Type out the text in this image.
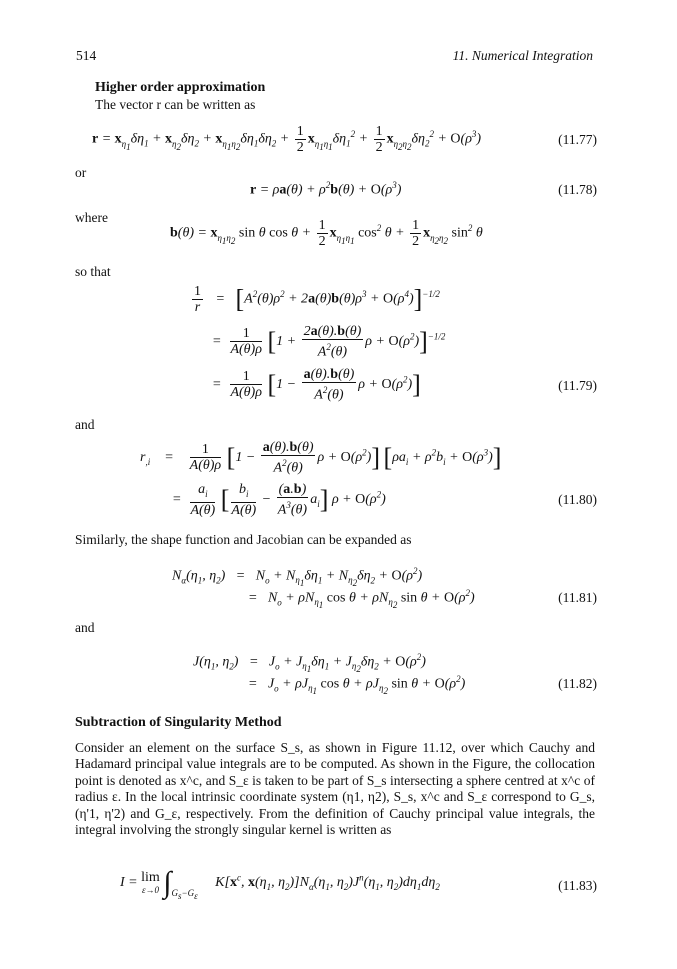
514	11. Numerical Integration
Higher order approximation
The vector r can be written as
$r = x_{\eta_1}\delta\eta_1 + x_{\eta_2}\delta\eta_2 + x_{\eta_1\eta_2}\delta\eta_1\delta\eta_2 + \frac{1}{2} x_{\eta_1\eta_1}\delta\eta_1^2 + \frac{1}{2} x_{\eta_2\eta_2}\delta\eta_2^2 + O(\rho^3)$	(11.77)
or
$r = \rho a(\theta) + \rho^2b(\theta) + O(\rho^3)$	(11.78)
where
$b(\theta) = x_{\eta_1\eta_2}$ sin θ $\cos \theta + \frac{1}{2} x_{\eta_1\eta_1}$ $\cos^2 \theta + \frac{1}{2} x_{\eta_2\eta_2}$ $\sin^2 \theta$
so that
$\frac{1}{r} = [A^2(\theta)\rho^2 + 2a(\theta)b(\theta)\rho^3 + O(\rho^4)]^{-1/2}$
= $\frac{1}{A(\theta)\rho} [1 + \frac{2a(\theta).b(\theta)}{A^2(\theta)}$ $\rho + O(\rho^2)]^{-1/2}$
= $\frac{1}{A(\theta)\rho} [1 - \frac{a(\theta).b(\theta)}{A^2(\theta)}$ $\rho + O(\rho^2)$]	(11.79)
and
$r_{,i}$    = $\frac{1}{A(\theta)\rho} [1 - \frac{a(\theta).b(\theta)}{A^2(\theta)}$ $\rho + O(\rho^2)$] $[\rho a_i + \rho^2b_i + O(\rho^3)]$
= $\frac{a_i}{A(\theta)}$ [ $\frac{b_i}{A(\theta)} - \frac{(a.b)}{A^3(\theta)} a_i$] $\rho + O(\rho^2)$	(11.80)
Similarly, the shape function and Jacobian can be expanded as
$N_\alpha(\eta_1$, $\eta_2) = N_o + N_{\eta_1}\delta\eta_1 + N_{\eta_2}\delta\eta_2 + O(\rho^2)$
=   $N_o + \rho N_{\eta_1}$ $\cos \theta + \rho N_{\eta_2}$ $\sin \theta + O(\rho^2)$	(11.81)
and
$J(\eta_1$, $\eta_2) = J_o + J_{\eta_1}\delta\eta_1 + J_{\eta_2}\delta\eta_2 + O(\rho^2)$
=   $J_o + \rho J_{\eta_1}$ $\cos \theta + \rho J_{\eta_2}$ $\sin \theta + O(\rho^2)$	(11.82)
Subtraction of Singularity Method
Consider an element on the surface S_s, as shown in Figure 11.12, over which Cauchy and Hadamard principal value integrals are to be computed. As shown in the Figure, the collocation point is denoted as x^c, and S_ε is taken to be part of S_s intersecting a sphere centred at x^c of radius ε. In the local intrinsic coordinate system (η1, η2), S_s, x^c and S_ε correspond to G_s, (η'1, η'2) and G_ε, respectively. From the definition of Cauchy principal value integrals, the integral involving the strongly singular kernel is written as
I = lim
ε→0 $\int_{G_s-G_\varepsilon}$     $K[x^c$, $x(\eta_1$, $\eta_2)]N_\alpha(\eta_1$, $\eta_2)J^n(\eta_1$, $\eta_2)d\eta_1d\eta_2$	(11.83)
